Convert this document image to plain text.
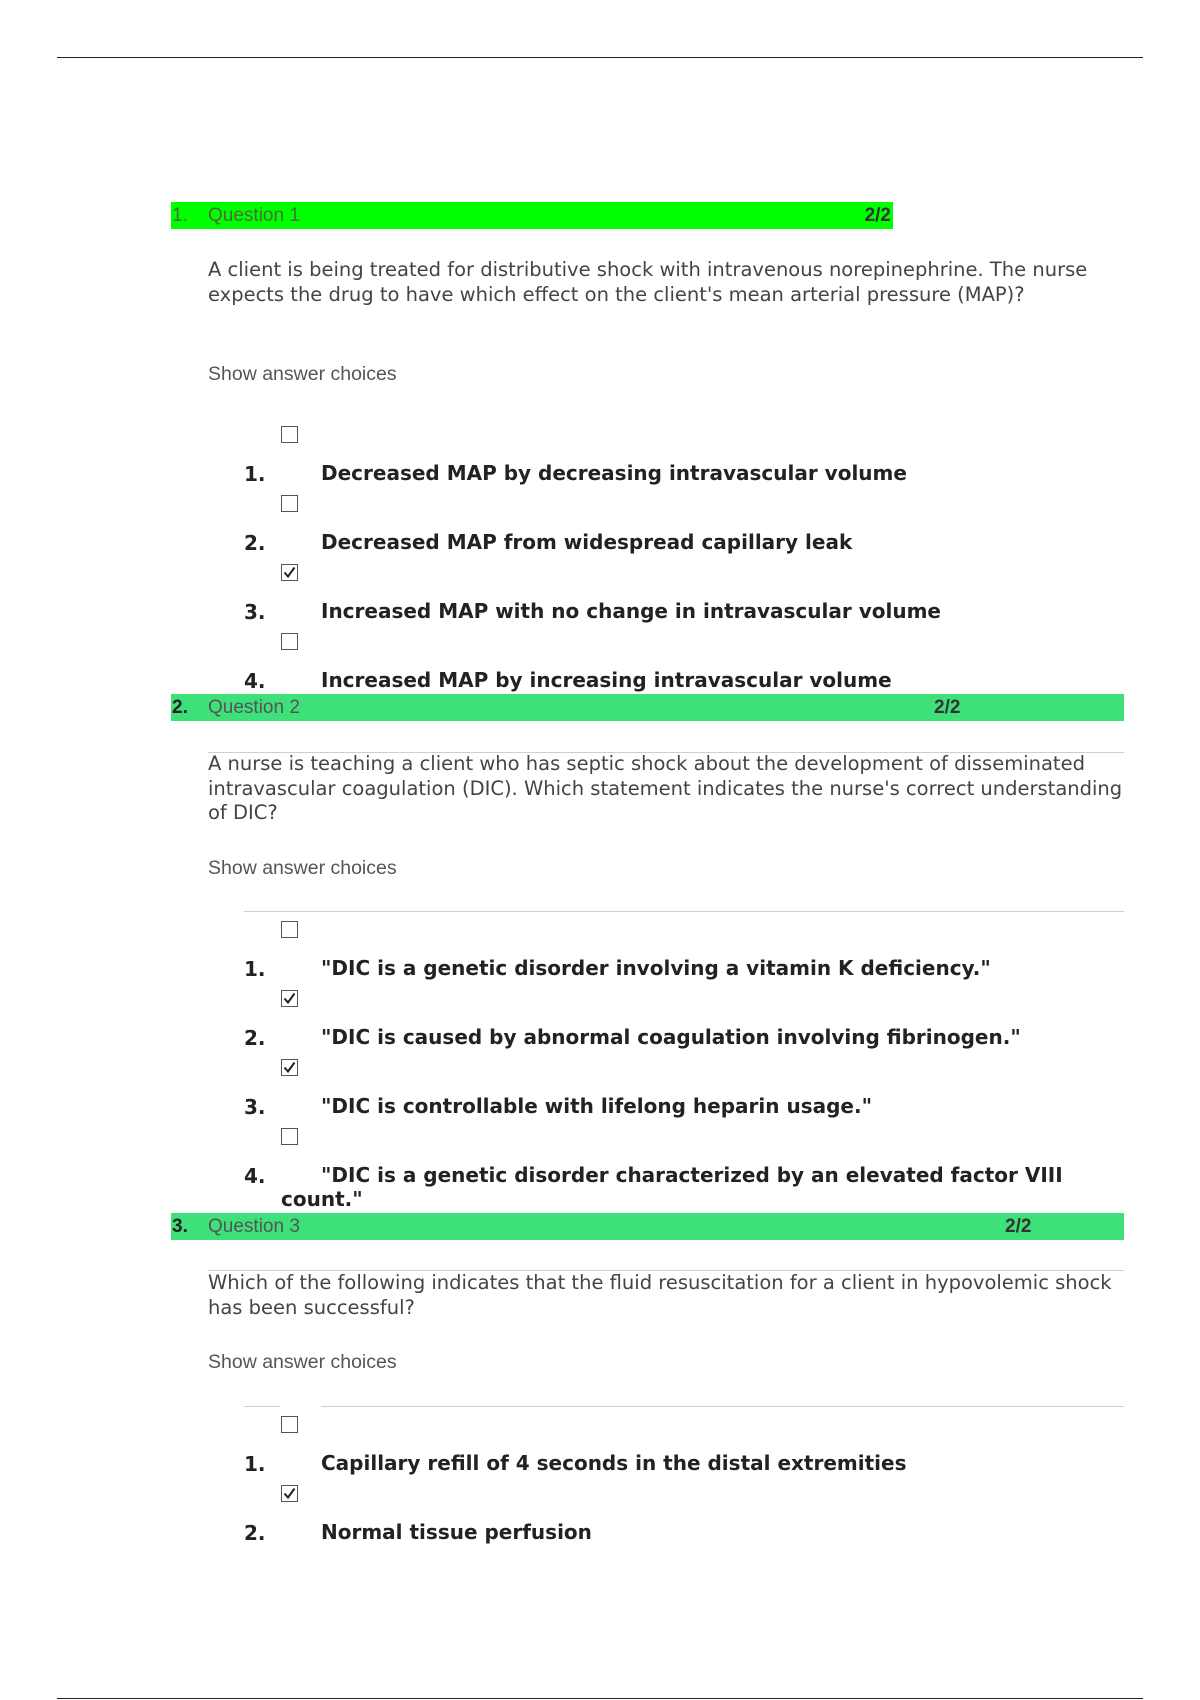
1. Question 1	2/2
A client is being treated for distributive shock with intravenous norepinephrine. The nurse expects the drug to have which effect on the client's mean arterial pressure (MAP)?
Show answer choices
1.	Decreased MAP by decreasing intravascular volume
2.	Decreased MAP from widespread capillary leak
3.	Increased MAP with no change in intravascular volume
4.	Increased MAP by increasing intravascular volume
2. Question 2	2/2
A nurse is teaching a client who has septic shock about the development of disseminated intravascular coagulation (DIC). Which statement indicates the nurse's correct understanding of DIC?
Show answer choices
1.	"DIC is a genetic disorder involving a vitamin K deficiency."
2.	"DIC is caused by abnormal coagulation involving fibrinogen."
3.	"DIC is controllable with lifelong heparin usage."
4.	"DIC is a genetic disorder characterized by an elevated factor VIII
count."
3. Question 3	2/2
Which of the following indicates that the fluid resuscitation for a client in hypovolemic shock has been successful?
Show answer choices
1.	Capillary refill of 4 seconds in the distal extremities
2.	Normal tissue perfusion
